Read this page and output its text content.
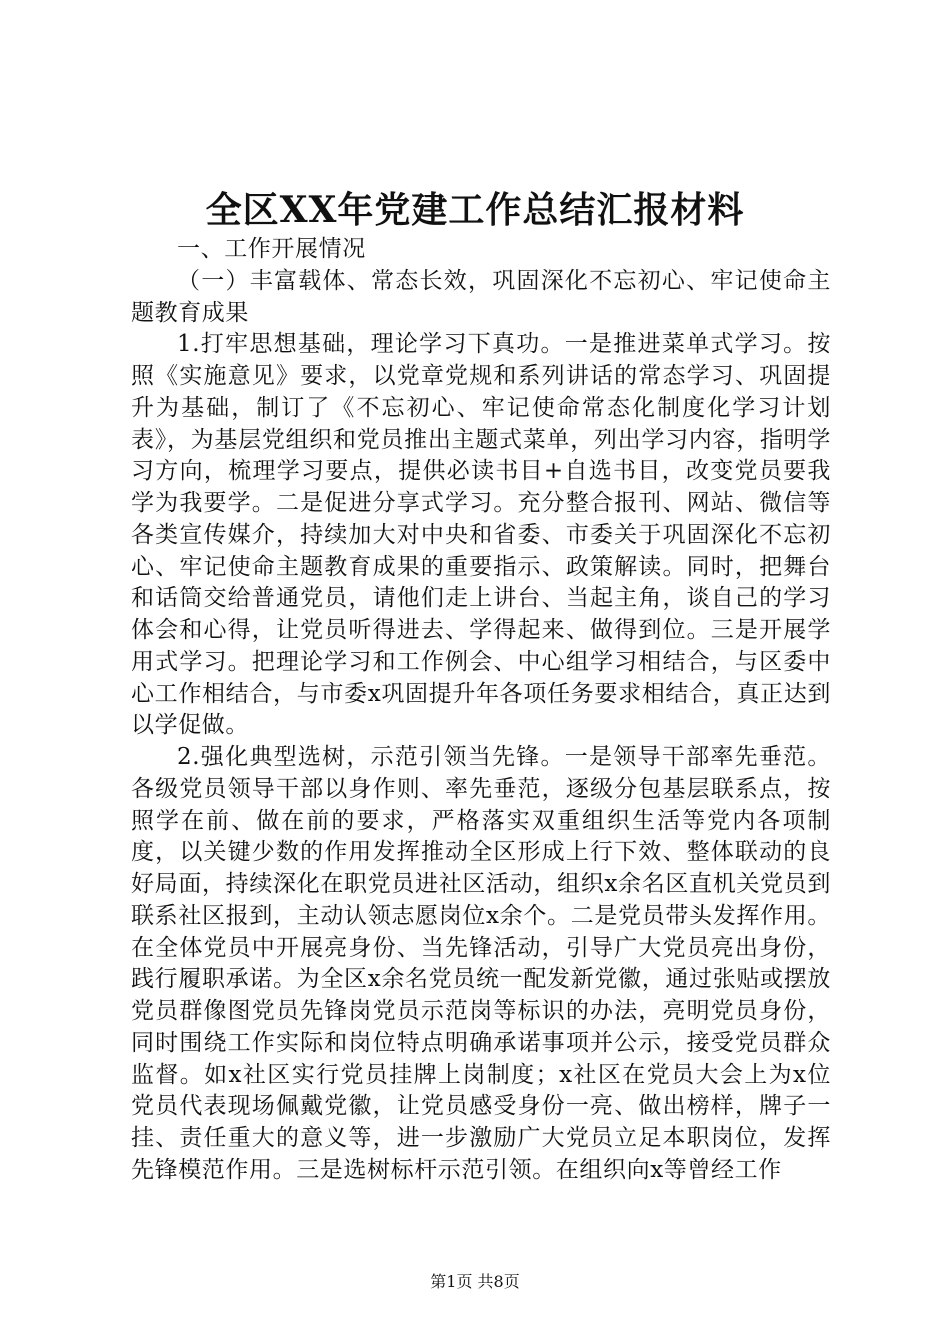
全区XX年党建工作总结汇报材料

一、工作开展情况

（一）丰富载体、常态长效，巩固深化不忘初心、牢记使命主题教育成果

1.打牢思想基础，理论学习下真功。一是推进菜单式学习。按照《实施意见》要求，以党章党规和系列讲话的常态学习、巩固提升为基础，制订了《不忘初心、牢记使命常态化制度化学习计划表》，为基层党组织和党员推出主题式菜单，列出学习内容，指明学习方向，梳理学习要点，提供必读书目+自选书目，改变党员要我学为我要学。二是促进分享式学习。充分整合报刊、网站、微信等各类宣传媒介，持续加大对中央和省委、市委关于巩固深化不忘初心、牢记使命主题教育成果的重要指示、政策解读。同时，把舞台和话筒交给普通党员，请他们走上讲台、当起主角，谈自己的学习体会和心得，让党员听得进去、学得起来、做得到位。三是开展学用式学习。把理论学习和工作例会、中心组学习相结合，与区委中心工作相结合，与市委x巩固提升年各项任务要求相结合，真正达到以学促做。

2.强化典型选树，示范引领当先锋。一是领导干部率先垂范。各级党员领导干部以身作则、率先垂范，逐级分包基层联系点，按照学在前、做在前的要求，严格落实双重组织生活等党内各项制度，以关键少数的作用发挥推动全区形成上行下效、整体联动的良好局面，持续深化在职党员进社区活动，组织x余名区直机关党员到联系社区报到，主动认领志愿岗位x余个。二是党员带头发挥作用。在全体党员中开展亮身份、当先锋活动，引导广大党员亮出身份，践行履职承诺。为全区x余名党员统一配发新党徽，通过张贴或摆放党员群像图党员先锋岗党员示范岗等标识的办法，亮明党员身份，同时围绕工作实际和岗位特点明确承诺事项并公示，接受党员群众监督。如x社区实行党员挂牌上岗制度；x社区在党员大会上为x位党员代表现场佩戴党徽，让党员感受身份一亮、做出榜样，牌子一挂、责任重大的意义等，进一步激励广大党员立足本职岗位，发挥先锋模范作用。三是选树标杆示范引领。在组织向x等曾经工作

第1页 共8页
